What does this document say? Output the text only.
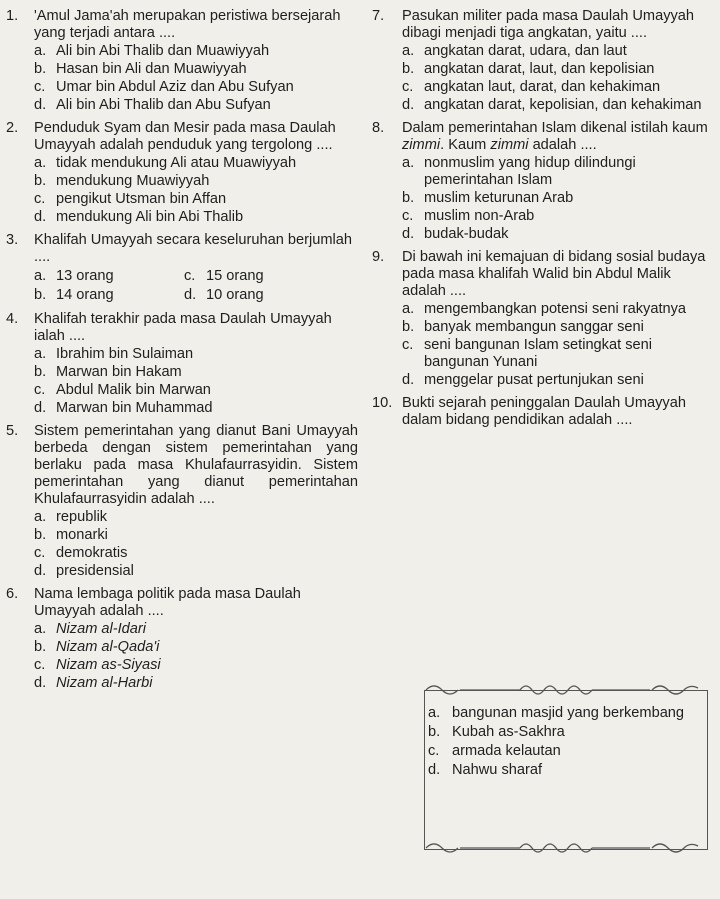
1.	'Amul Jama'ah merupakan peristiwa bersejarah yang terjadi antara ....
a. Ali bin Abi Thalib dan Muawiyyah
b. Hasan bin Ali dan Muawiyyah
c. Umar bin Abdul Aziz dan Abu Sufyan
d. Ali bin Abi Thalib dan Abu Sufyan
2.	Penduduk Syam dan Mesir pada masa Daulah Umayyah adalah penduduk yang tergolong ....
a. tidak mendukung Ali atau Muawiyyah
b. mendukung Muawiyyah
c. pengikut Utsman bin Affan
d. mendukung Ali bin Abi Thalib
3.	Khalifah Umayyah secara keseluruhan berjumlah ....
a. 13 orang	c. 15 orang
b. 14 orang	d. 10 orang
4.	Khalifah terakhir pada masa Daulah Umayyah ialah ....
a. Ibrahim bin Sulaiman
b. Marwan bin Hakam
c. Abdul Malik bin Marwan
d. Marwan bin Muhammad
5.	Sistem pemerintahan yang dianut Bani Umayyah berbeda dengan sistem pemerintahan yang berlaku pada masa Khulafaurrasyidin. Sistem pemerintahan yang dianut pemerintahan Khulafaurrasyidin adalah ....
a. republik
b. monarki
c. demokratis
d. presidensial
6.	Nama lembaga politik pada masa Daulah Umayyah adalah ....
a. Nizam al-Idari
b. Nizam al-Qada'i
c. Nizam as-Siyasi
d. Nizam al-Harbi
7.	Pasukan militer pada masa Daulah Umayyah dibagi menjadi tiga angkatan, yaitu ....
a. angkatan darat, udara, dan laut
b. angkatan darat, laut, dan kepolisian
c. angkatan laut, darat, dan kehakiman
d. angkatan darat, kepolisian, dan kehakiman
8.	Dalam pemerintahan Islam dikenal istilah kaum zimmi. Kaum zimmi adalah ....
a. nonmuslim yang hidup dilindungi pemerintahan Islam
b. muslim keturunan Arab
c. muslim non-Arab
d. budak-budak
9.	Di bawah ini kemajuan di bidang sosial budaya pada masa khalifah Walid bin Abdul Malik adalah ....
a. mengembangkan potensi seni rakyatnya
b. banyak membangun sanggar seni
c. seni bangunan Islam setingkat seni bangunan Yunani
d. menggelar pusat pertunjukan seni
10. Bukti sejarah peninggalan Daulah Umayyah dalam bidang pendidikan adalah ....
a. bangunan masjid yang berkembang
b. Kubah as-Sakhra
c. armada kelautan
d. Nahwu sharaf
